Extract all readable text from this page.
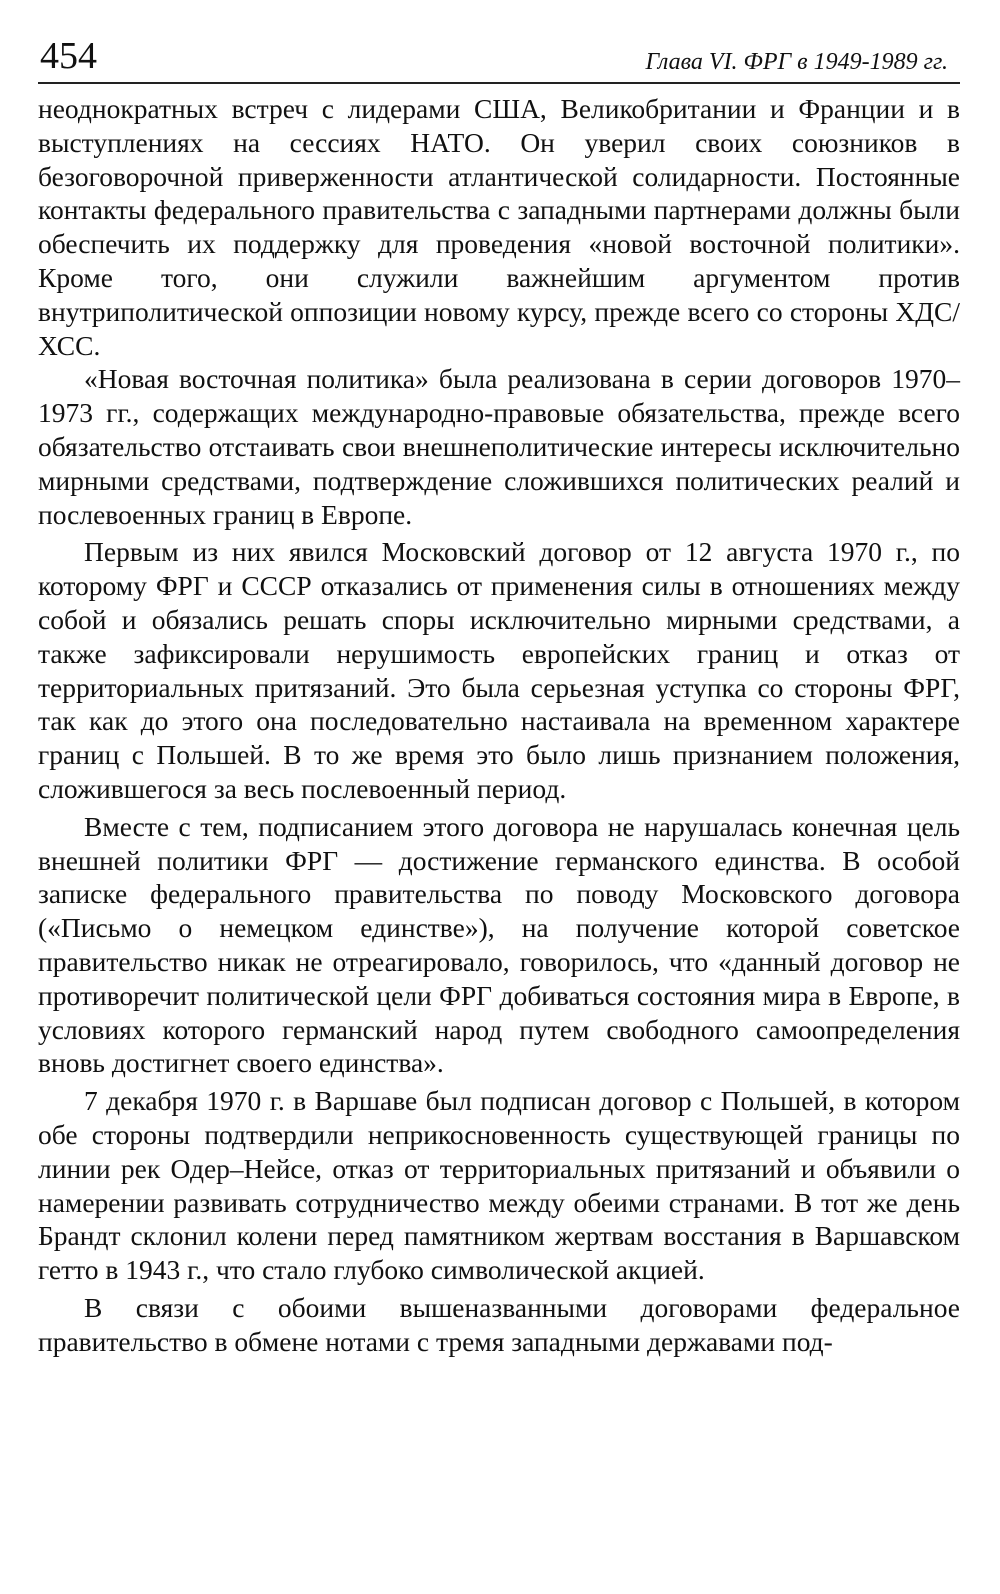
454	Глава VI. ФРГ в 1949-1989 гг.

неоднократных встреч с лидерами США, Великобритании и Франции и в выступлениях на сессиях НАТО. Он уверил своих союзников в безоговорочной приверженности атлантической солидарности. Постоянные контакты федерального правительства с западными партнерами должны были обеспечить их поддержку для проведения «новой восточной политики». Кроме того, они служили важнейшим аргументом против внутриполитической оппозиции новому курсу, прежде всего со стороны ХДС/ХСС.

«Новая восточная политика» была реализована в серии договоров 1970–1973 гг., содержащих международно-правовые обязательства, прежде всего обязательство отстаивать свои внешнеполитические интересы исключительно мирными средствами, подтверждение сложившихся политических реалий и послевоенных границ в Европе.

Первым из них явился Московский договор от 12 августа 1970 г., по которому ФРГ и СССР отказались от применения силы в отношениях между собой и обязались решать споры исключительно мирными средствами, а также зафиксировали нерушимость европейских границ и отказ от территориальных притязаний. Это была серьезная уступка со стороны ФРГ, так как до этого она последовательно настаивала на временном характере границ с Польшей. В то же время это было лишь признанием положения, сложившегося за весь послевоенный период.

Вместе с тем, подписанием этого договора не нарушалась конечная цель внешней политики ФРГ — достижение германского единства. В особой записке федерального правительства по поводу Московского договора («Письмо о немецком единстве»), на получение которой советское правительство никак не отреагировало, говорилось, что «данный договор не противоречит политической цели ФРГ добиваться состояния мира в Европе, в условиях которого германский народ путем свободного самоопределения вновь достигнет своего единства».

7 декабря 1970 г. в Варшаве был подписан договор с Польшей, в котором обе стороны подтвердили неприкосновенность существующей границы по линии рек Одер–Нейсе, отказ от территориальных притязаний и объявили о намерении развивать сотрудничество между обеими странами. В тот же день Брандт склонил колени перед памятником жертвам восстания в Варшавском гетто в 1943 г., что стало глубоко символической акцией.

В связи с обоими вышеназванными договорами федеральное правительство в обмене нотами с тремя западными державами под-
